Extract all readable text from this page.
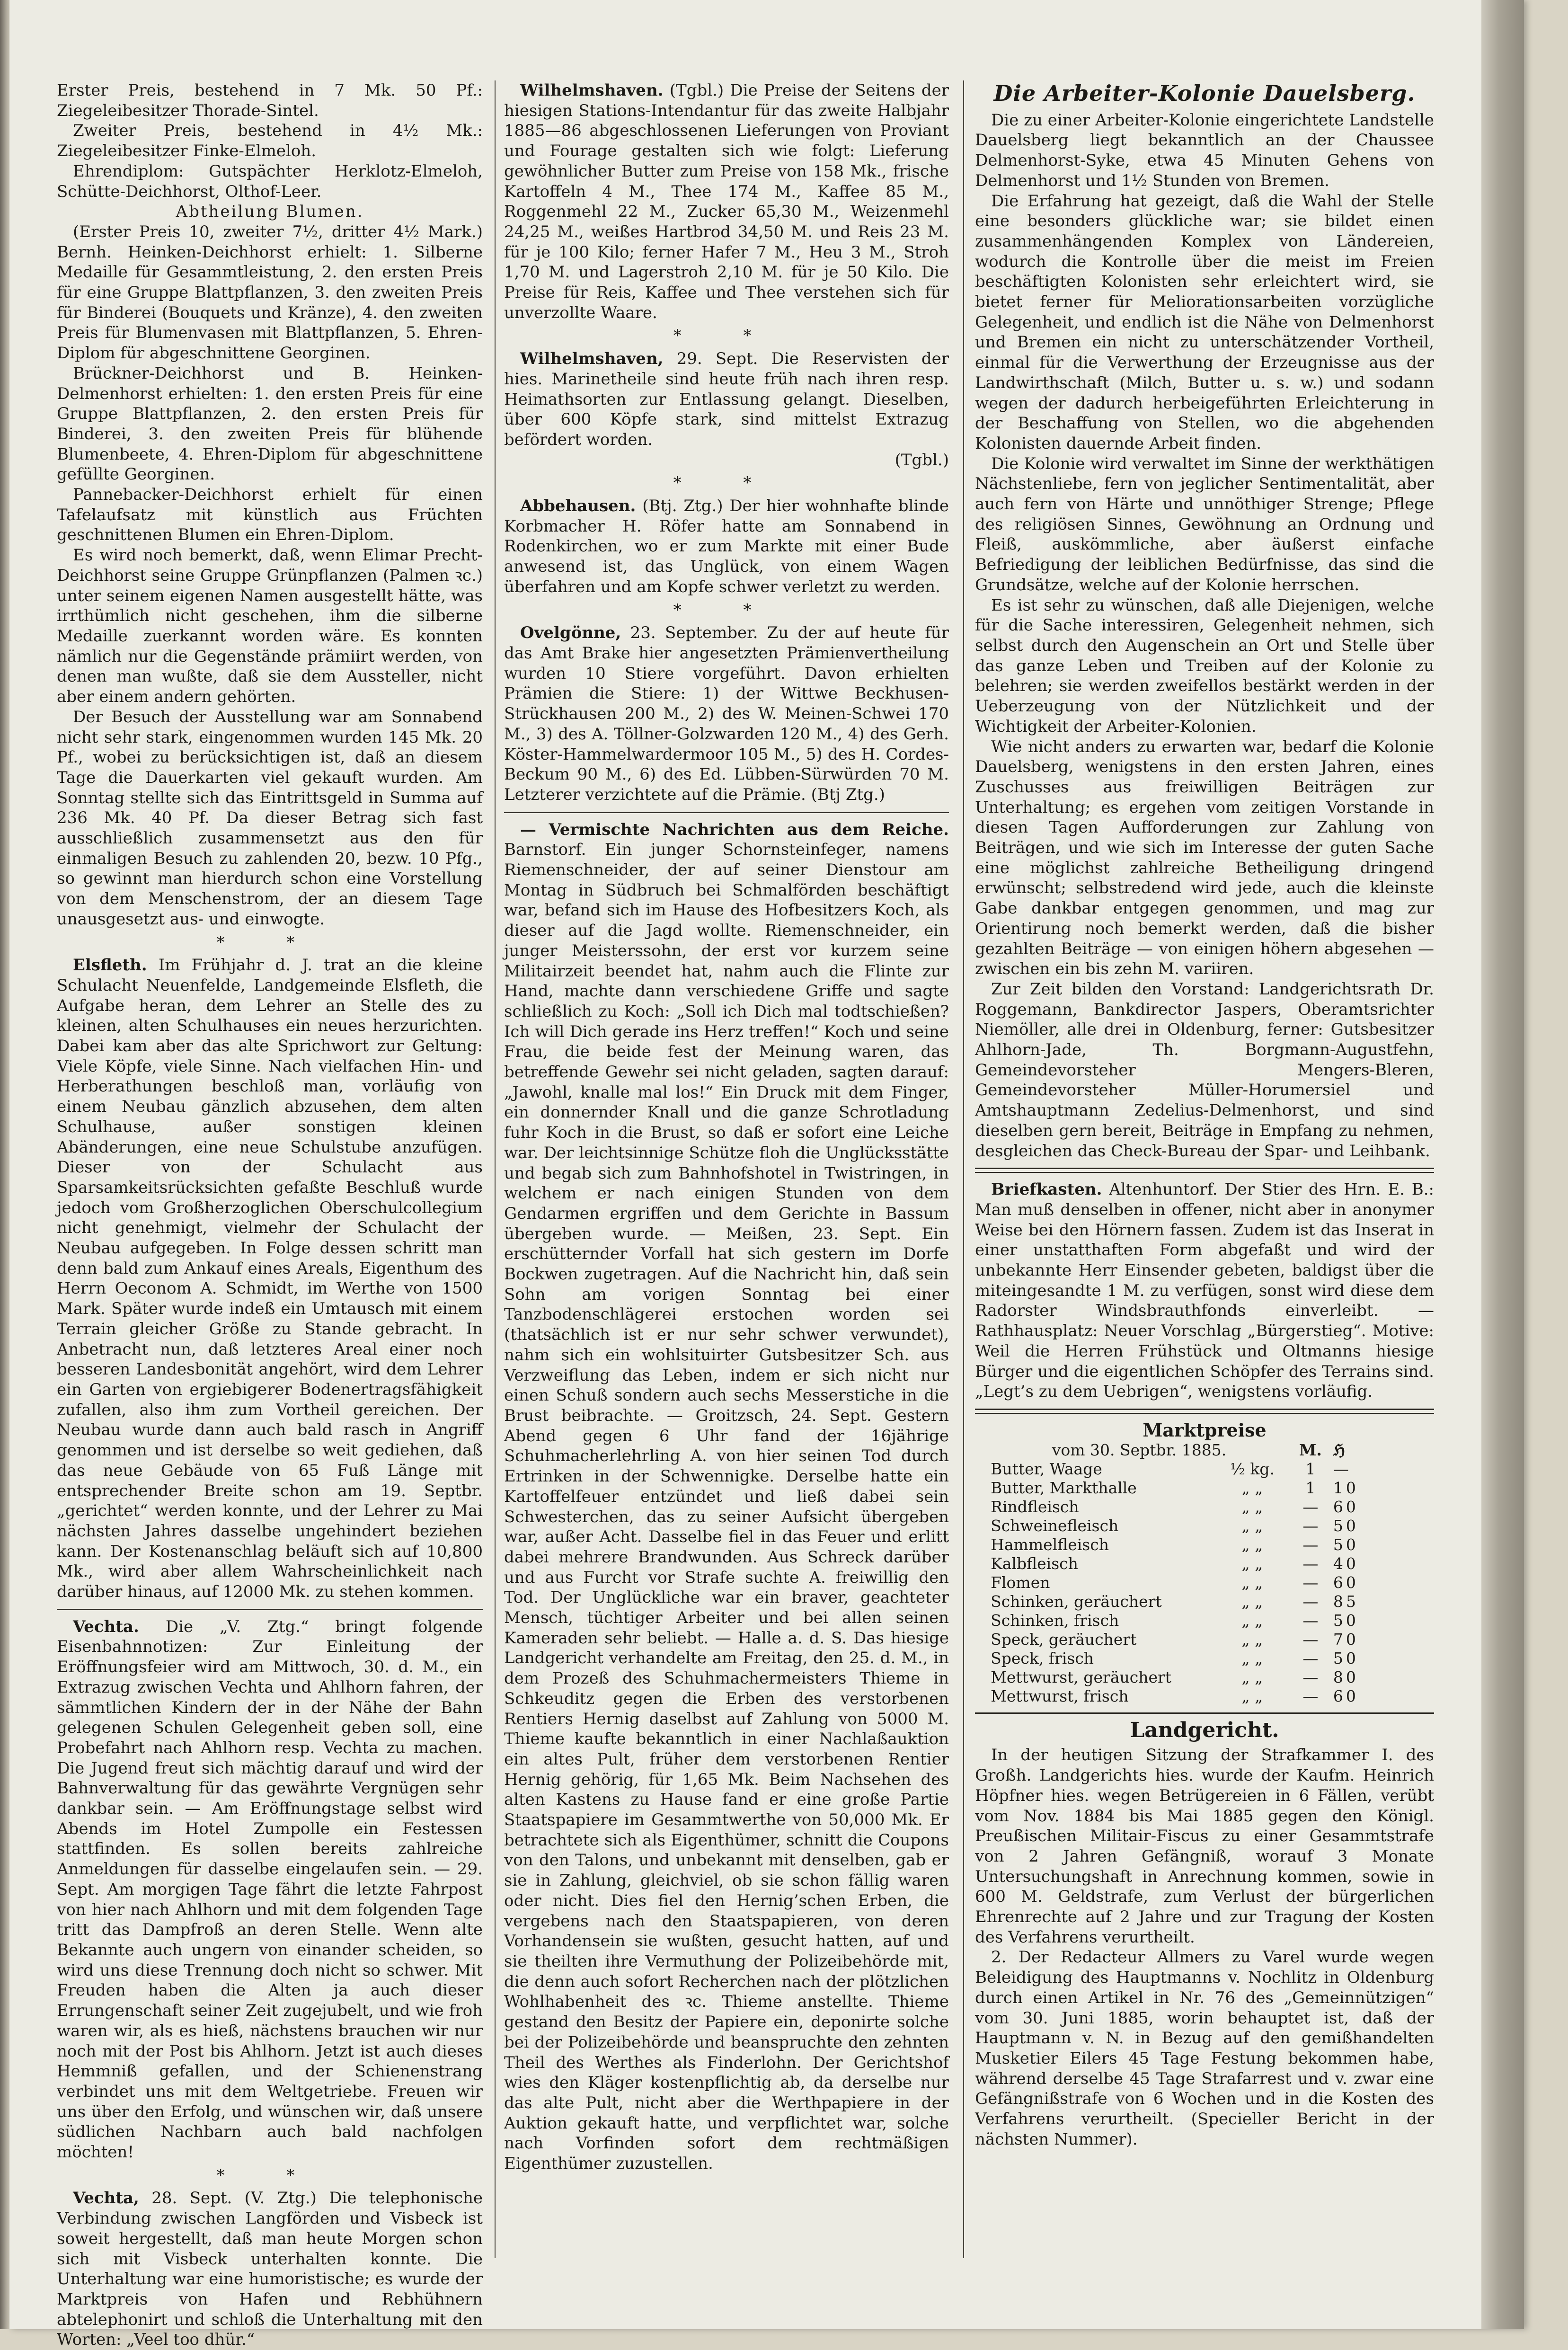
Erster Preis, bestehend in 7 Mk. 50 Pf.: Ziegeleibesitzer Thorade-Sintel.

Zweiter Preis, bestehend in 4½ Mk.: Ziegeleibesitzer Finke-Elmeloh.

Ehrendiplom: Gutspächter Herklotz-Elmeloh, Schütte-Deichhorst, Olthof-Leer.

Abtheilung Blumen.

(Erster Preis 10, zweiter 7½, dritter 4½ Mark.) Bernh. Heinken-Deichhorst erhielt: 1. Silberne Medaille für Gesammtleistung, 2. den ersten Preis für eine Gruppe Blattpflanzen, 3. den zweiten Preis für Binderei (Bouquets und Kränze), 4. den zweiten Preis für Blumenvasen mit Blattpflanzen, 5. Ehren-Diplom für abgeschnittene Georginen.

Brückner-Deichhorst und B. Heinken-Delmenhorst erhielten: 1. den ersten Preis für eine Gruppe Blattpflanzen, 2. den ersten Preis für Binderei, 3. den zweiten Preis für blühende Blumenbeete, 4. Ehren-Diplom für abgeschnittene gefüllte Georginen.

Pannebacker-Deichhorst erhielt für einen Tafelaufsatz mit künstlich aus Früchten geschnittenen Blumen ein Ehren-Diplom.

Es wird noch bemerkt, daß, wenn Elimar Precht-Deichhorst seine Gruppe Grünpflanzen (Palmen ꝛc.) unter seinem eigenen Namen ausgestellt hätte, was irrthümlich nicht geschehen, ihm die silberne Medaille zuerkannt worden wäre. Es konnten nämlich nur die Gegenstände prämiirt werden, von denen man wußte, daß sie dem Aussteller, nicht aber einem andern gehörten.

Der Besuch der Ausstellung war am Sonnabend nicht sehr stark, eingenommen wurden 145 Mk. 20 Pf., wobei zu berücksichtigen ist, daß an diesem Tage die Dauerkarten viel gekauft wurden. Am Sonntag stellte sich das Eintrittsgeld in Summa auf 236 Mk. 40 Pf. Da dieser Betrag sich fast ausschließlich zusammensetzt aus den für einmaligen Besuch zu zahlenden 20, bezw. 10 Pfg., so gewinnt man hierdurch schon eine Vorstellung von dem Menschenstrom, der an diesem Tage unausgesetzt aus- und einwogte.

* *

Elsfleth. Im Frühjahr d. J. trat an die kleine Schulacht Neuenfelde, Landgemeinde Elsfleth, die Aufgabe heran, dem Lehrer an Stelle des zu kleinen, alten Schulhauses ein neues herzurichten. Dabei kam aber das alte Sprichwort zur Geltung: Viele Köpfe, viele Sinne. Nach vielfachen Hin- und Herberathungen beschloß man, vorläufig von einem Neubau gänzlich abzusehen, dem alten Schulhause, außer sonstigen kleinen Abänderungen, eine neue Schulstube anzufügen. Dieser von der Schulacht aus Sparsamkeitsrücksichten gefaßte Beschluß wurde jedoch vom Großherzoglichen Oberschulcollegium nicht genehmigt, vielmehr der Schulacht der Neubau aufgegeben. In Folge dessen schritt man denn bald zum Ankauf eines Areals, Eigenthum des Herrn Oeconom A. Schmidt, im Werthe von 1500 Mark. Später wurde indeß ein Umtausch mit einem Terrain gleicher Größe zu Stande gebracht. In Anbetracht nun, daß letzteres Areal einer noch besseren Landesbonität angehört, wird dem Lehrer ein Garten von ergiebigerer Bodenertragsfähigkeit zufallen, also ihm zum Vortheil gereichen. Der Neubau wurde dann auch bald rasch in Angriff genommen und ist derselbe so weit gediehen, daß das neue Gebäude von 65 Fuß Länge mit entsprechender Breite schon am 19. Septbr. „gerichtet“ werden konnte, und der Lehrer zu Mai nächsten Jahres dasselbe ungehindert beziehen kann. Der Kostenanschlag beläuft sich auf 10,800 Mk., wird aber allem Wahrscheinlichkeit nach darüber hinaus, auf 12000 Mk. zu stehen kommen.

Vechta. Die „V. Ztg.“ bringt folgende Eisenbahnnotizen: Zur Einleitung der Eröffnungsfeier wird am Mittwoch, 30. d. M., ein Extrazug zwischen Vechta und Ahlhorn fahren, der sämmtlichen Kindern der in der Nähe der Bahn gelegenen Schulen Gelegenheit geben soll, eine Probefahrt nach Ahlhorn resp. Vechta zu machen. Die Jugend freut sich mächtig darauf und wird der Bahnverwaltung für das gewährte Vergnügen sehr dankbar sein. — Am Eröffnungstage selbst wird Abends im Hotel Zumpolle ein Festessen stattfinden. Es sollen bereits zahlreiche Anmeldungen für dasselbe eingelaufen sein. — 29. Sept. Am morgigen Tage fährt die letzte Fahrpost von hier nach Ahlhorn und mit dem folgenden Tage tritt das Dampfroß an deren Stelle. Wenn alte Bekannte auch ungern von einander scheiden, so wird uns diese Trennung doch nicht so schwer. Mit Freuden haben die Alten ja auch dieser Errungenschaft seiner Zeit zugejubelt, und wie froh waren wir, als es hieß, nächstens brauchen wir nur noch mit der Post bis Ahlhorn. Jetzt ist auch dieses Hemmniß gefallen, und der Schienenstrang verbindet uns mit dem Weltgetriebe. Freuen wir uns über den Erfolg, und wünschen wir, daß unsere südlichen Nachbarn auch bald nachfolgen möchten!

* *

Vechta, 28. Sept. (V. Ztg.) Die telephonische Verbindung zwischen Langförden und Visbeck ist soweit hergestellt, daß man heute Morgen schon sich mit Visbeck unterhalten konnte. Die Unterhaltung war eine humoristische; es wurde der Marktpreis von Hafen und Rebhühnern abtelephonirt und schloß die Unterhaltung mit den Worten: „Veel too dhür.“

Wilhelmshaven. (Tgbl.) Die Preise der Seitens der hiesigen Stations-Intendantur für das zweite Halbjahr 1885—86 abgeschlossenen Lieferungen von Proviant und Fourage gestalten sich wie folgt: Lieferung gewöhnlicher Butter zum Preise von 158 Mk., frische Kartoffeln 4 M., Thee 174 M., Kaffee 85 M., Roggenmehl 22 M., Zucker 65,30 M., Weizenmehl 24,25 M., weißes Hartbrod 34,50 M. und Reis 23 M. für je 100 Kilo; ferner Hafer 7 M., Heu 3 M., Stroh 1,70 M. und Lagerstroh 2,10 M. für je 50 Kilo. Die Preise für Reis, Kaffee und Thee verstehen sich für unverzollte Waare.

* *

Wilhelmshaven, 29. Sept. Die Reservisten der hies. Marinetheile sind heute früh nach ihren resp. Heimathsorten zur Entlassung gelangt. Dieselben, über 600 Köpfe stark, sind mittelst Extrazug befördert worden.

(Tgbl.)

* *

Abbehausen. (Btj. Ztg.) Der hier wohnhafte blinde Korbmacher H. Röfer hatte am Sonnabend in Rodenkirchen, wo er zum Markte mit einer Bude anwesend ist, das Unglück, von einem Wagen überfahren und am Kopfe schwer verletzt zu werden.

* *

Ovelgönne, 23. September. Zu der auf heute für das Amt Brake hier angesetzten Prämienvertheilung wurden 10 Stiere vorgeführt. Davon erhielten Prämien die Stiere: 1) der Wittwe Beckhusen-Strückhausen 200 M., 2) des W. Meinen-Schwei 170 M., 3) des A. Töllner-Golzwarden 120 M., 4) des Gerh. Köster-Hammelwardermoor 105 M., 5) des H. Cordes-Beckum 90 M., 6) des Ed. Lübben-Sürwürden 70 M. Letzterer verzichtete auf die Prämie. (Btj Ztg.)

— Vermischte Nachrichten aus dem Reiche. Barnstorf. Ein junger Schornsteinfeger, namens Riemenschneider, der auf seiner Dienstour am Montag in Südbruch bei Schmalförden beschäftigt war, befand sich im Hause des Hofbesitzers Koch, als dieser auf die Jagd wollte. Riemenschneider, ein junger Meisterssohn, der erst vor kurzem seine Militairzeit beendet hat, nahm auch die Flinte zur Hand, machte dann verschiedene Griffe und sagte schließlich zu Koch: „Soll ich Dich mal todtschießen? Ich will Dich gerade ins Herz treffen!“ Koch und seine Frau, die beide fest der Meinung waren, das betreffende Gewehr sei nicht geladen, sagten darauf: „Jawohl, knalle mal los!“ Ein Druck mit dem Finger, ein donnernder Knall und die ganze Schrotladung fuhr Koch in die Brust, so daß er sofort eine Leiche war. Der leichtsinnige Schütze floh die Unglücksstätte und begab sich zum Bahnhofshotel in Twistringen, in welchem er nach einigen Stunden von dem Gendarmen ergriffen und dem Gerichte in Bassum übergeben wurde. — Meißen, 23. Sept. Ein erschütternder Vorfall hat sich gestern im Dorfe Bockwen zugetragen. Auf die Nachricht hin, daß sein Sohn am vorigen Sonntag bei einer Tanzbodenschlägerei erstochen worden sei (thatsächlich ist er nur sehr schwer verwundet), nahm sich ein wohlsituirter Gutsbesitzer Sch. aus Verzweiflung das Leben, indem er sich nicht nur einen Schuß sondern auch sechs Messerstiche in die Brust beibrachte. — Groitzsch, 24. Sept. Gestern Abend gegen 6 Uhr fand der 16jährige Schuhmacherlehrling A. von hier seinen Tod durch Ertrinken in der Schwennigke. Derselbe hatte ein Kartoffelfeuer entzündet und ließ dabei sein Schwesterchen, das zu seiner Aufsicht übergeben war, außer Acht. Dasselbe fiel in das Feuer und erlitt dabei mehrere Brandwunden. Aus Schreck darüber und aus Furcht vor Strafe suchte A. freiwillig den Tod. Der Unglückliche war ein braver, geachteter Mensch, tüchtiger Arbeiter und bei allen seinen Kameraden sehr beliebt. — Halle a. d. S. Das hiesige Landgericht verhandelte am Freitag, den 25. d. M., in dem Prozeß des Schuhmachermeisters Thieme in Schkeuditz gegen die Erben des verstorbenen Rentiers Hernig daselbst auf Zahlung von 5000 M. Thieme kaufte bekanntlich in einer Nachlaßauktion ein altes Pult, früher dem verstorbenen Rentier Hernig gehörig, für 1,65 Mk. Beim Nachsehen des alten Kastens zu Hause fand er eine große Partie Staatspapiere im Gesammtwerthe von 50,000 Mk. Er betrachtete sich als Eigenthümer, schnitt die Coupons von den Talons, und unbekannt mit denselben, gab er sie in Zahlung, gleichviel, ob sie schon fällig waren oder nicht. Dies fiel den Hernig’schen Erben, die vergebens nach den Staatspapieren, von deren Vorhandensein sie wußten, gesucht hatten, auf und sie theilten ihre Vermuthung der Polizeibehörde mit, die denn auch sofort Recherchen nach der plötzlichen Wohlhabenheit des ꝛc. Thieme anstellte. Thieme gestand den Besitz der Papiere ein, deponirte solche bei der Polizeibehörde und beanspruchte den zehnten Theil des Werthes als Finderlohn. Der Gerichtshof wies den Kläger kostenpflichtig ab, da derselbe nur das alte Pult, nicht aber die Werthpapiere in der Auktion gekauft hatte, und verpflichtet war, solche nach Vorfinden sofort dem rechtmäßigen Eigenthümer zuzustellen.

Die Arbeiter-Kolonie Dauelsberg.

Die zu einer Arbeiter-Kolonie eingerichtete Landstelle Dauelsberg liegt bekanntlich an der Chaussee Delmenhorst-Syke, etwa 45 Minuten Gehens von Delmenhorst und 1½ Stunden von Bremen.

Die Erfahrung hat gezeigt, daß die Wahl der Stelle eine besonders glückliche war; sie bildet einen zusammenhängenden Komplex von Ländereien, wodurch die Kontrolle über die meist im Freien beschäftigten Kolonisten sehr erleichtert wird, sie bietet ferner für Meliorationsarbeiten vorzügliche Gelegenheit, und endlich ist die Nähe von Delmenhorst und Bremen ein nicht zu unterschätzender Vortheil, einmal für die Verwerthung der Erzeugnisse aus der Landwirthschaft (Milch, Butter u. s. w.) und sodann wegen der dadurch herbeigeführten Erleichterung in der Beschaffung von Stellen, wo die abgehenden Kolonisten dauernde Arbeit finden.

Die Kolonie wird verwaltet im Sinne der werkthätigen Nächstenliebe, fern von jeglicher Sentimentalität, aber auch fern von Härte und unnöthiger Strenge; Pflege des religiösen Sinnes, Gewöhnung an Ordnung und Fleiß, auskömmliche, aber äußerst einfache Befriedigung der leiblichen Bedürfnisse, das sind die Grundsätze, welche auf der Kolonie herrschen.

Es ist sehr zu wünschen, daß alle Diejenigen, welche für die Sache interessiren, Gelegenheit nehmen, sich selbst durch den Augenschein an Ort und Stelle über das ganze Leben und Treiben auf der Kolonie zu belehren; sie werden zweifellos bestärkt werden in der Ueberzeugung von der Nützlichkeit und der Wichtigkeit der Arbeiter-Kolonien.

Wie nicht anders zu erwarten war, bedarf die Kolonie Dauelsberg, wenigstens in den ersten Jahren, eines Zuschusses aus freiwilligen Beiträgen zur Unterhaltung; es ergehen vom zeitigen Vorstande in diesen Tagen Aufforderungen zur Zahlung von Beiträgen, und wie sich im Interesse der guten Sache eine möglichst zahlreiche Betheiligung dringend erwünscht; selbstredend wird jede, auch die kleinste Gabe dankbar entgegen genommen, und mag zur Orientirung noch bemerkt werden, daß die bisher gezahlten Beiträge — von einigen höhern abgesehen — zwischen ein bis zehn M. variiren.

Zur Zeit bilden den Vorstand: Landgerichtsrath Dr. Roggemann, Bankdirector Jaspers, Oberamtsrichter Niemöller, alle drei in Oldenburg, ferner: Gutsbesitzer Ahlhorn-Jade, Th. Borgmann-Augustfehn, Gemeindevorsteher Mengers-Bleren, Gemeindevorsteher Müller-Horumersiel und Amtshauptmann Zedelius-Delmenhorst, und sind dieselben gern bereit, Beiträge in Empfang zu nehmen, desgleichen das Check-Bureau der Spar- und Leihbank.

Briefkasten. Altenhuntorf. Der Stier des Hrn. E. B.: Man muß denselben in offener, nicht aber in anonymer Weise bei den Hörnern fassen. Zudem ist das Inserat in einer unstatthaften Form abgefaßt und wird der unbekannte Herr Einsender gebeten, baldigst über die miteingesandte 1 M. zu verfügen, sonst wird diese dem Radorster Windsbrauthfonds einverleibt. — Rathhausplatz: Neuer Vorschlag „Bürgerstieg“. Motive: Weil die Herren Frühstück und Oltmanns hiesige Bürger und die eigentlichen Schöpfer des Terrains sind. „Legt’s zu dem Uebrigen“, wenigstens vorläufig.

Marktpreise

vom 30. Septbr. 1885.		M.	ℌ
Butter, Waage	½ kg.	1	—
Butter, Markthalle	„ „	1	10
Rindfleisch	„ „	—	60
Schweinefleisch	„ „	—	50
Hammelfleisch	„ „	—	50
Kalbfleisch	„ „	—	40
Flomen	„ „	—	60
Schinken, geräuchert	„ „	—	85
Schinken, frisch	„ „	—	50
Speck, geräuchert	„ „	—	70
Speck, frisch	„ „	—	50
Mettwurst, geräuchert	„ „	—	80
Mettwurst, frisch	„ „	—	60
Landgericht.

In der heutigen Sitzung der Strafkammer I. des Großh. Landgerichts hies. wurde der Kaufm. Heinrich Höpfner hies. wegen Betrügereien in 6 Fällen, verübt vom Nov. 1884 bis Mai 1885 gegen den Königl. Preußischen Militair-Fiscus zu einer Gesammtstrafe von 2 Jahren Gefängniß, worauf 3 Monate Untersuchungshaft in Anrechnung kommen, sowie in 600 M. Geldstrafe, zum Verlust der bürgerlichen Ehrenrechte auf 2 Jahre und zur Tragung der Kosten des Verfahrens verurtheilt.

2. Der Redacteur Allmers zu Varel wurde wegen Beleidigung des Hauptmanns v. Nochlitz in Oldenburg durch einen Artikel in Nr. 76 des „Gemeinnützigen“ vom 30. Juni 1885, worin behauptet ist, daß der Hauptmann v. N. in Bezug auf den gemißhandelten Musketier Eilers 45 Tage Festung bekommen habe, während derselbe 45 Tage Strafarrest und v. zwar eine Gefängnißstrafe von 6 Wochen und in die Kosten des Verfahrens verurtheilt. (Specieller Bericht in der nächsten Nummer).
